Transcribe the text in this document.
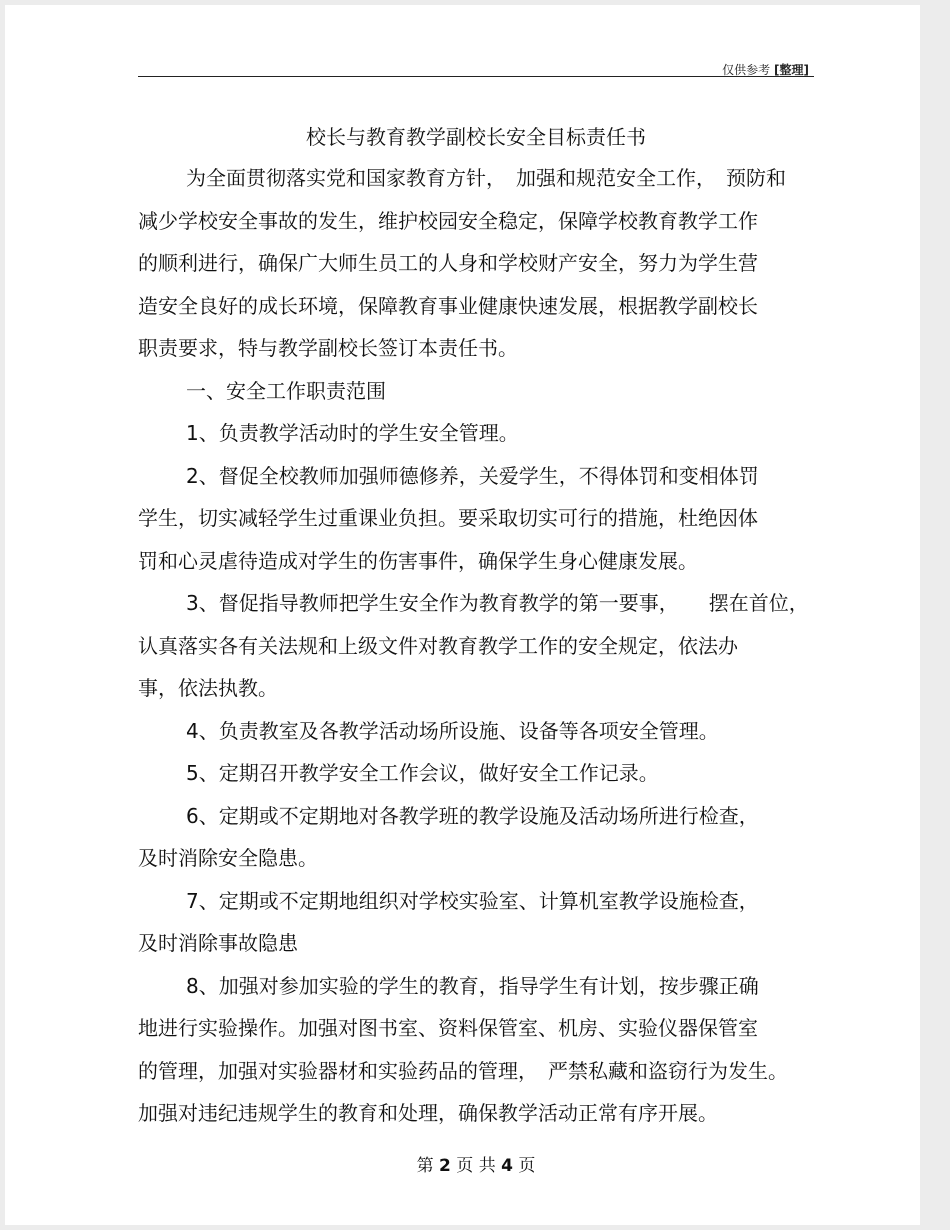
仅供参考 [整理]
校长与教育教学副校长安全目标责任书
为全面贯彻落实党和国家教育方针，　加强和规范安全工作，　预防和
减少学校安全事故的发生，维护校园安全稳定，保障学校教育教学工作
的顺利进行，确保广大师生员工的人身和学校财产安全，努力为学生营
造安全良好的成长环境，保障教育事业健康快速发展，根据教学副校长
职责要求，特与教学副校长签订本责任书。
一、安全工作职责范围
1、负责教学活动时的学生安全管理。
2、督促全校教师加强师德修养，关爱学生，不得体罚和变相体罚
学生，切实减轻学生过重课业负担。要采取切实可行的措施，杜绝因体
罚和心灵虐待造成对学生的伤害事件，确保学生身心健康发展。
3、督促指导教师把学生安全作为教育教学的第一要事，　　摆在首位，
认真落实各有关法规和上级文件对教育教学工作的安全规定，依法办
事，依法执教。
4、负责教室及各教学活动场所设施、设备等各项安全管理。
5、定期召开教学安全工作会议，做好安全工作记录。
6、定期或不定期地对各教学班的教学设施及活动场所进行检查，
及时消除安全隐患。
7、定期或不定期地组织对学校实验室、计算机室教学设施检查，
及时消除事故隐患
8、加强对参加实验的学生的教育，指导学生有计划，按步骤正确
地进行实验操作。加强对图书室、资料保管室、机房、实验仪器保管室
的管理，加强对实验器材和实验药品的管理，　严禁私藏和盗窃行为发生。
加强对违纪违规学生的教育和处理，确保教学活动正常有序开展。
第 2 页 共 4 页
